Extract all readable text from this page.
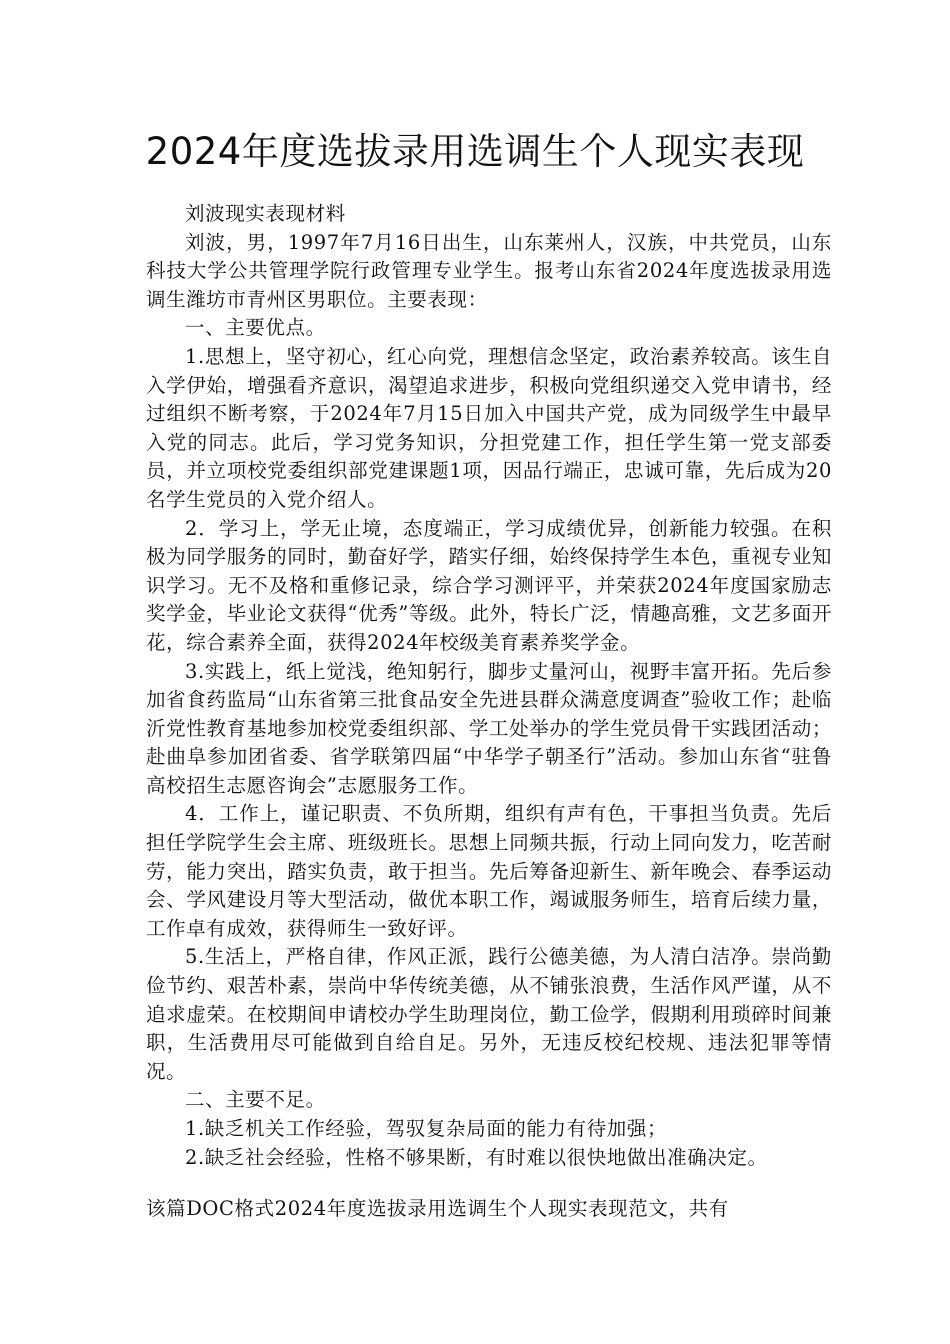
2024年度选拔录用选调生个人现实表现

刘波现实表现材料

刘波，男，1997年7月16日出生，山东莱州人，汉族，中共党员，山东科技大学公共管理学院行政管理专业学生。报考山东省2024年度选拔录用选调生潍坊市青州区男职位。主要表现：

一、主要优点。

1.思想上，坚守初心，红心向党，理想信念坚定，政治素养较高。该生自入学伊始，增强看齐意识，渴望追求进步，积极向党组织递交入党申请书，经过组织不断考察，于2024年7月15日加入中国共产党，成为同级学生中最早入党的同志。此后，学习党务知识，分担党建工作，担任学生第一党支部委员，并立项校党委组织部党建课题1项，因品行端正，忠诚可靠，先后成为20名学生党员的入党介绍人。

2．学习上，学无止境，态度端正，学习成绩优异，创新能力较强。在积极为同学服务的同时，勤奋好学，踏实仔细，始终保持学生本色，重视专业知识学习。无不及格和重修记录，综合学习测评平，并荣获2024年度国家励志奖学金，毕业论文获得“优秀”等级。此外，特长广泛，情趣高雅，文艺多面开花，综合素养全面，获得2024年校级美育素养奖学金。

3.实践上，纸上觉浅，绝知躬行，脚步丈量河山，视野丰富开拓。先后参加省食药监局“山东省第三批食品安全先进县群众满意度调查”验收工作；赴临沂党性教育基地参加校党委组织部、学工处举办的学生党员骨干实践团活动；赴曲阜参加团省委、省学联第四届“中华学子朝圣行”活动。参加山东省“驻鲁高校招生志愿咨询会”志愿服务工作。

4．工作上，谨记职责、不负所期，组织有声有色，干事担当负责。先后担任学院学生会主席、班级班长。思想上同频共振，行动上同向发力，吃苦耐劳，能力突出，踏实负责，敢于担当。先后筹备迎新生、新年晚会、春季运动会、学风建设月等大型活动，做优本职工作，竭诚服务师生，培育后续力量，工作卓有成效，获得师生一致好评。

5.生活上，严格自律，作风正派，践行公德美德，为人清白洁净。崇尚勤俭节约、艰苦朴素，崇尚中华传统美德，从不铺张浪费，生活作风严谨，从不追求虚荣。在校期间申请校办学生助理岗位，勤工俭学，假期利用琐碎时间兼职，生活费用尽可能做到自给自足。另外，无违反校纪校规、违法犯罪等情况。

二、主要不足。

1.缺乏机关工作经验，驾驭复杂局面的能力有待加强；

2.缺乏社会经验，性格不够果断，有时难以很快地做出准确决定。

该篇DOC格式2024年度选拔录用选调生个人现实表现范文，共有
